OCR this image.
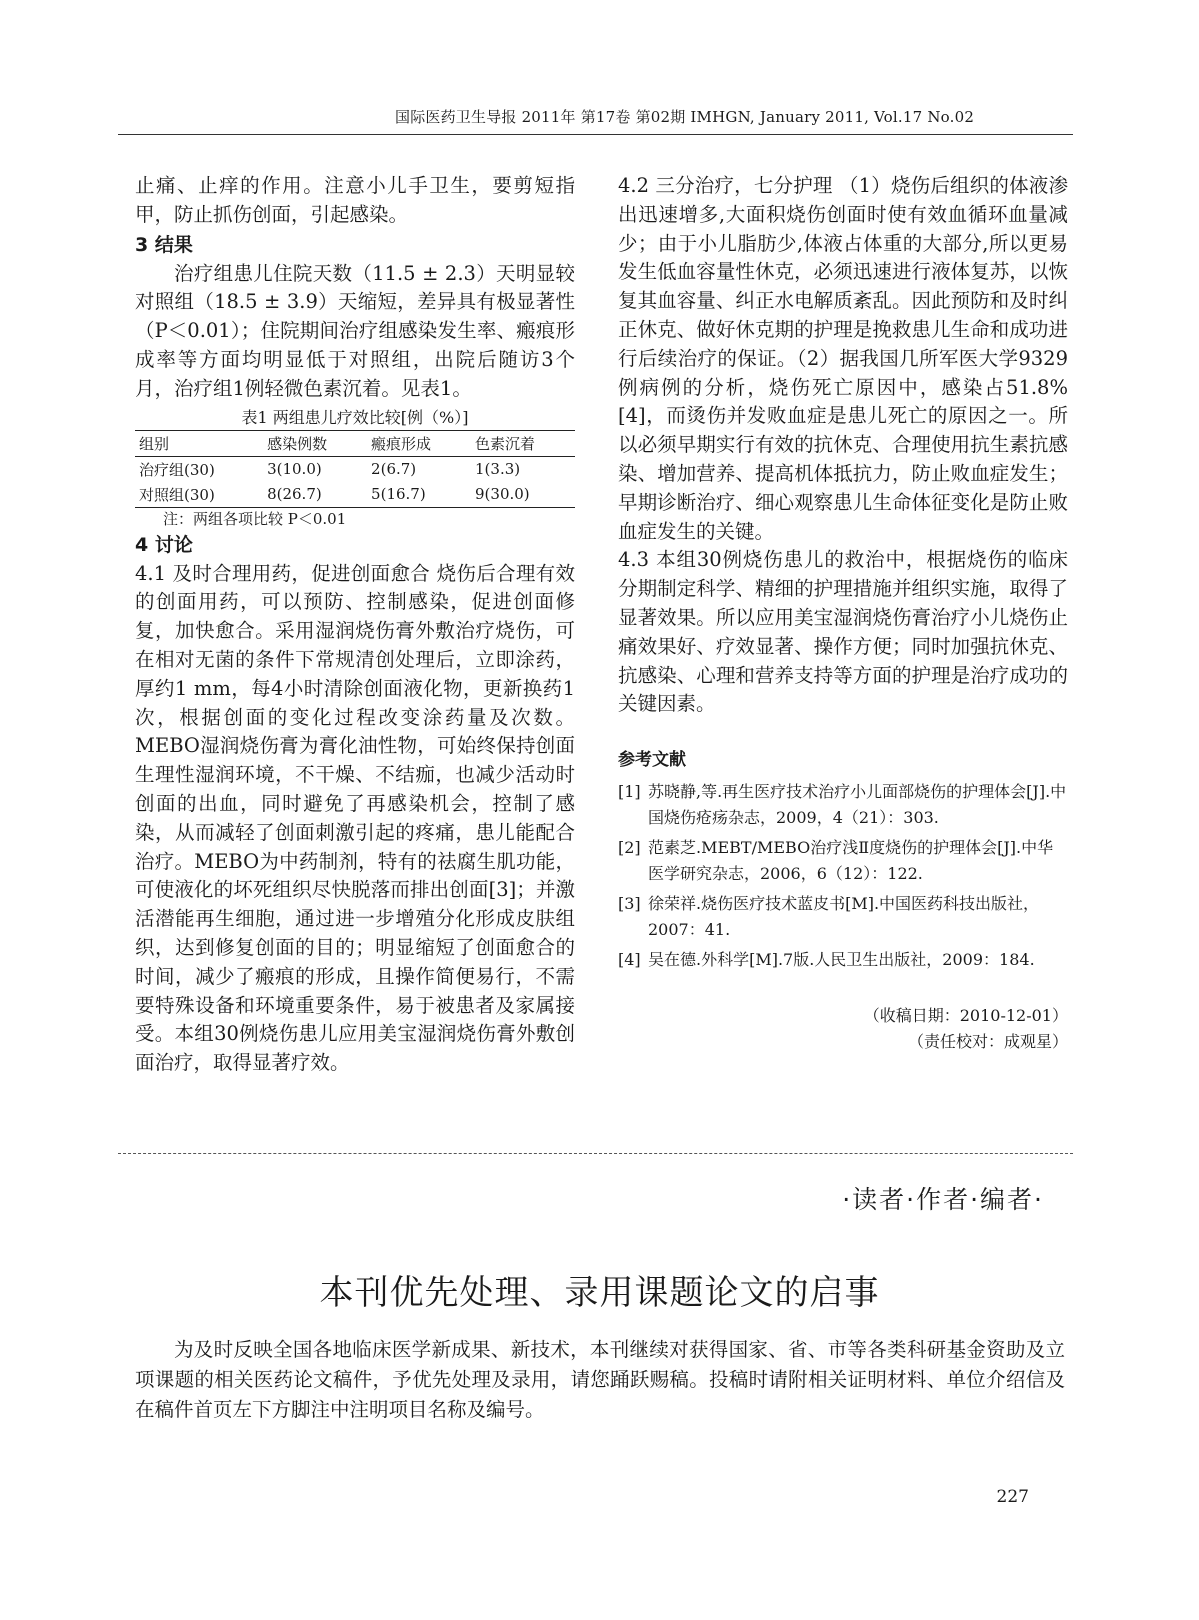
国际医药卫生导报 2011年 第17卷 第02期 IMHGN, January 2011, Vol.17 No.02

止痛、止痒的作用。注意小儿手卫生，要剪短指甲，防止抓伤创面，引起感染。

3 结果

治疗组患儿住院天数（11.5 ± 2.3）天明显较对照组（18.5 ± 3.9）天缩短，差异具有极显著性（P＜0.01）；住院期间治疗组感染发生率、瘢痕形成率等方面均明显低于对照组，出院后随访3个月，治疗组1例轻微色素沉着。见表1。

表1 两组患儿疗效比较[例（%）]
组别	感染例数	瘢痕形成	色素沉着
治疗组(30)	3(10.0)	2(6.7)	1(3.3)
对照组(30)	8(26.7)	5(16.7)	9(30.0)
注：两组各项比较 P＜0.01
4 讨论

4.1 及时合理用药，促进创面愈合 烧伤后合理有效的创面用药，可以预防、控制感染，促进创面修复，加快愈合。采用湿润烧伤膏外敷治疗烧伤，可在相对无菌的条件下常规清创处理后，立即涂药，厚约1 mm，每4小时清除创面液化物，更新换药1次，根据创面的变化过程改变涂药量及次数。MEBO湿润烧伤膏为膏化油性物，可始终保持创面生理性湿润环境，不干燥、不结痂，也减少活动时创面的出血，同时避免了再感染机会，控制了感染，从而减轻了创面刺激引起的疼痛，患儿能配合治疗。MEBO为中药制剂，特有的祛腐生肌功能，可使液化的坏死组织尽快脱落而排出创面[3]；并激活潜能再生细胞，通过进一步增殖分化形成皮肤组织，达到修复创面的目的；明显缩短了创面愈合的时间，减少了瘢痕的形成，且操作简便易行，不需要特殊设备和环境重要条件，易于被患者及家属接受。本组30例烧伤患儿应用美宝湿润烧伤膏外敷创面治疗，取得显著疗效。

4.2 三分治疗，七分护理 （1）烧伤后组织的体液渗出迅速增多,大面积烧伤创面时使有效血循环血量减少；由于小儿脂肪少,体液占体重的大部分,所以更易发生低血容量性休克，必须迅速进行液体复苏，以恢复其血容量、纠正水电解质紊乱。因此预防和及时纠正休克、做好休克期的护理是挽救患儿生命和成功进行后续治疗的保证。（2）据我国几所军医大学9329例病例的分析，烧伤死亡原因中，感染占51.8%[4]，而烫伤并发败血症是患儿死亡的原因之一。所以必须早期实行有效的抗休克、合理使用抗生素抗感染、增加营养、提高机体抵抗力，防止败血症发生；早期诊断治疗、细心观察患儿生命体征变化是防止败血症发生的关键。

4.3 本组30例烧伤患儿的救治中，根据烧伤的临床分期制定科学、精细的护理措施并组织实施，取得了显著效果。所以应用美宝湿润烧伤膏治疗小儿烧伤止痛效果好、疗效显著、操作方便；同时加强抗休克、抗感染、心理和营养支持等方面的护理是治疗成功的关键因素。

参考文献
[1] 苏晓静,等.再生医疗技术治疗小儿面部烧伤的护理体会[J].中国烧伤疮疡杂志，2009，4（21）：303.
[2] 范素芝.MEBT/MEBO治疗浅Ⅱ度烧伤的护理体会[J].中华医学研究杂志，2006，6（12）：122.
[3] 徐荣祥.烧伤医疗技术蓝皮书[M].中国医药科技出版社，2007：41.
[4] 吴在德.外科学[M].7版.人民卫生出版社，2009：184.
（收稿日期：2010-12-01）
（责任校对：成观星）
·读者·作者·编者·
本刊优先处理、录用课题论文的启事

为及时反映全国各地临床医学新成果、新技术，本刊继续对获得国家、省、市等各类科研基金资助及立项课题的相关医药论文稿件，予优先处理及录用，请您踊跃赐稿。投稿时请附相关证明材料、单位介绍信及在稿件首页左下方脚注中注明项目名称及编号。

227
